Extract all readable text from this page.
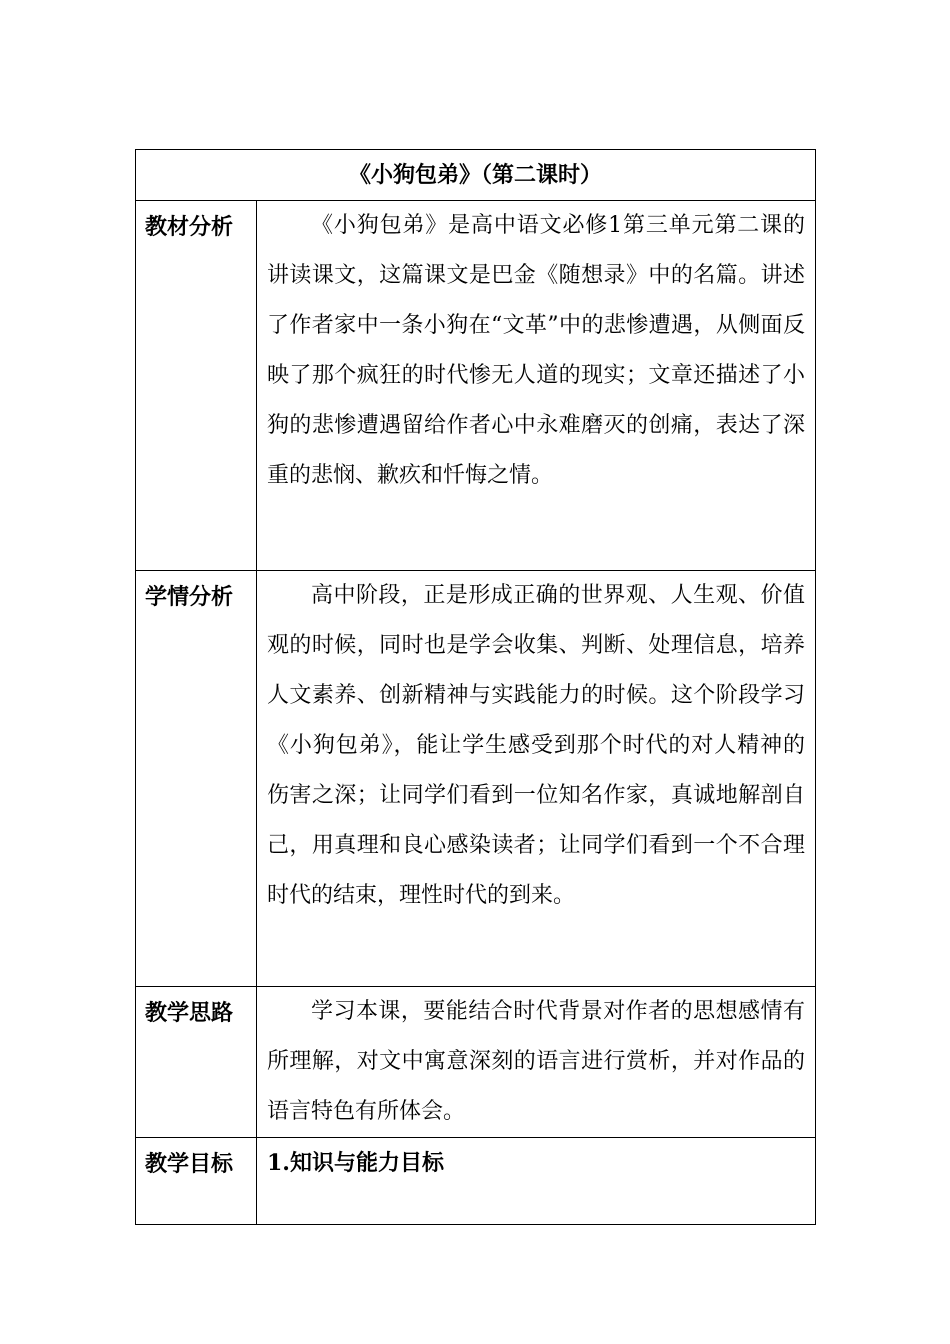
《小狗包弟》（第二课时）	
教材分析	《小狗包弟》是高中语文必修1第三单元第二课的讲读课文，这篇课文是巴金《随想录》中的名篇。讲述了作者家中一条小狗在“文革”中的悲惨遭遇，从侧面反映了那个疯狂的时代惨无人道的现实；文章还描述了小狗的悲惨遭遇留给作者心中永难磨灭的创痛，表达了深重的悲悯、歉疚和忏悔之情。

学情分析	高中阶段，正是形成正确的世界观、人生观、价值观的时候，同时也是学会收集、判断、处理信息，培养人文素养、创新精神与实践能力的时候。这个阶段学习《小狗包弟》，能让学生感受到那个时代的对人精神的伤害之深；让同学们看到一位知名作家，真诚地解剖自己，用真理和良心感染读者；让同学们看到一个不合理时代的结束，理性时代的到来。

教学思路	学习本课，要能结合时代背景对作者的思想感情有所理解，对文中寓意深刻的语言进行赏析，并对作品的语言特色有所体会。

教学目标	1.知识与能力目标
